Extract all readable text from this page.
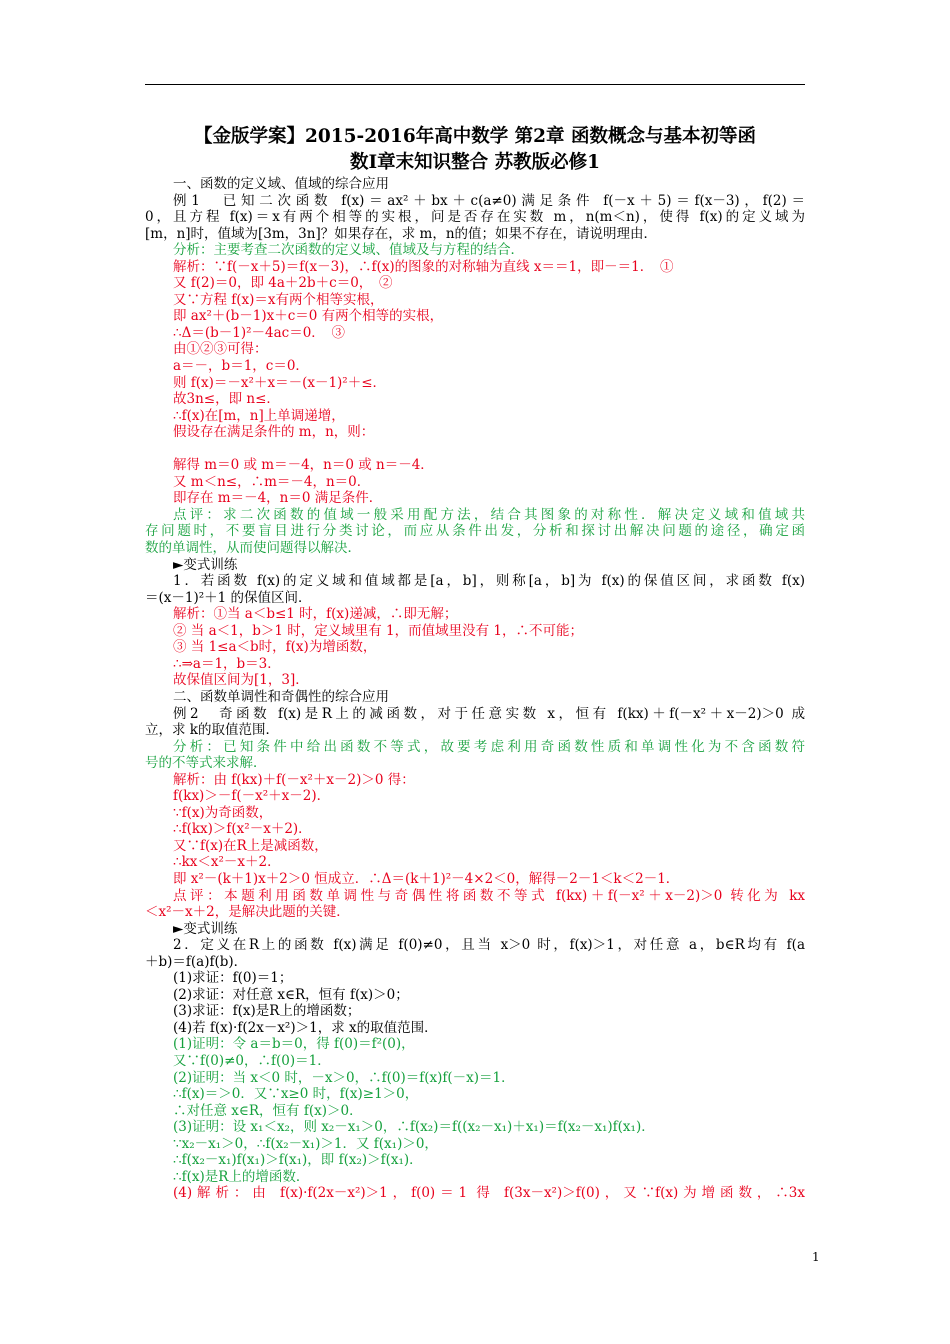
【金版学案】2015-2016年高中数学 第2章 函数概念与基本初等函
数Ⅰ章末知识整合 苏教版必修1
一、函数的定义域、值域的综合应用
例1　已知二次函数 f(x)＝ax²＋bx＋c(a≠0)满足条件 f(－x＋5)＝f(x－3)，f(2)＝
0，且方程 f(x)＝x有两个相等的实根，问是否存在实数 m，n(m＜n)，使得 f(x)的定义域为
[m，n]时，值域为[3m，3n]？如果存在，求 m，n的值；如果不存在，请说明理由．
分析：主要考查二次函数的定义域、值域及与方程的结合．
解析：∵f(－x＋5)＝f(x－3)，∴f(x)的图象的对称轴为直线 x＝＝1，即－＝1．　①
又 f(2)＝0，即 4a＋2b＋c＝0，　②
又∵方程 f(x)＝x有两个相等实根，
即 ax²＋(b－1)x＋c＝0 有两个相等的实根，
∴Δ＝(b－1)²－4ac＝0．　③
由①②③可得：
a＝－，b＝1，c＝0．
则 f(x)＝－x²＋x＝－(x－1)²＋≤．
故3n≤，即 n≤．
∴f(x)在[m，n]上单调递增，
假设存在满足条件的 m，n，则：
解得 m＝0 或 m＝－4，n＝0 或 n＝－4．
又 m＜n≤，∴m＝－4，n＝0．
即存在 m＝－4，n＝0 满足条件．
点评：求二次函数的值域一般采用配方法，结合其图象的对称性．解决定义域和值域共
存问题时，不要盲目进行分类讨论，而应从条件出发，分析和探讨出解决问题的途径，确定函
数的单调性，从而使问题得以解决．
►变式训练
1．若函数 f(x)的定义域和值域都是[a，b]，则称[a，b]为 f(x)的保值区间，求函数 f(x)
＝(x－1)²＋1 的保值区间．
解析：①当 a＜b≤1 时，f(x)递减，∴即无解；
② 当 a＜1，b＞1 时，定义域里有 1，而值域里没有 1，∴不可能；
③ 当 1≤a＜b时，f(x)为增函数，
∴⇒a＝1，b＝3．
故保值区间为[1，3]．
二、函数单调性和奇偶性的综合应用
例2　奇函数 f(x)是R上的减函数，对于任意实数 x，恒有 f(kx)＋f(－x²＋x－2)＞0 成
立，求 k的取值范围．
分析：已知条件中给出函数不等式，故要考虑利用奇函数性质和单调性化为不含函数符
号的不等式来求解．
解析：由 f(kx)＋f(－x²＋x－2)＞0 得：
f(kx)＞－f(－x²＋x－2)．
∵f(x)为奇函数，
∴f(kx)＞f(x²－x＋2)．
又∵f(x)在R上是减函数，
∴kx＜x²－x＋2．
即 x²－(k＋1)x＋2＞0 恒成立．∴Δ＝(k＋1)²－4×2＜0，解得－2－1＜k＜2－1．
点评：本题利用函数单调性与奇偶性将函数不等式 f(kx)＋f(－x²＋x－2)＞0 转化为 kx
＜x²－x＋2，是解决此题的关键．
►变式训练
2．定义在R上的函数 f(x)满足 f(0)≠0，且当 x＞0 时，f(x)＞1，对任意 a，b∈R均有 f(a
＋b)＝f(a)f(b)．
(1)求证：f(0)＝1；
(2)求证：对任意 x∈R，恒有 f(x)＞0；
(3)求证：f(x)是R上的增函数；
(4)若 f(x)·f(2x－x²)＞1，求 x的取值范围．
(1)证明：令 a＝b＝0，得 f(0)＝f²(0)，
又∵f(0)≠0，∴f(0)＝1．
(2)证明：当 x＜0 时，－x＞0，∴f(0)＝f(x)f(－x)＝1．
∴f(x)＝＞0．又∵x≥0 时，f(x)≥1＞0，
∴对任意 x∈R，恒有 f(x)＞0．
(3)证明：设 x₁＜x₂，则 x₂－x₁＞0，∴f(x₂)＝f((x₂－x₁)＋x₁)＝f(x₂－x₁)f(x₁)．
∵x₂－x₁＞0，∴f(x₂－x₁)＞1．又 f(x₁)＞0，
∴f(x₂－x₁)f(x₁)＞f(x₁)，即 f(x₂)＞f(x₁)．
∴f(x)是R上的增函数．
(4)解析：由 f(x)·f(2x－x²)＞1，f(0)＝1 得 f(3x－x²)＞f(0)，又∵f(x)为增函数，∴3x
1
